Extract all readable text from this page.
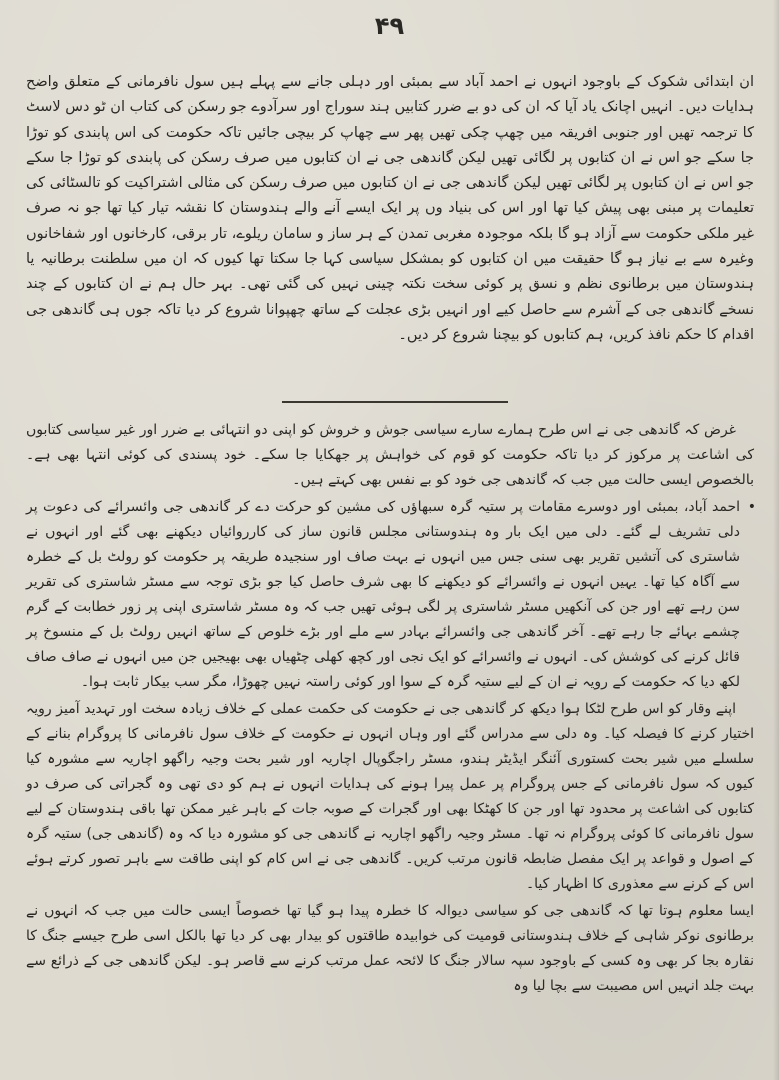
۴۹

ان ابتدائی شکوک کے باوجود انہوں نے احمد آباد سے بمبئی اور دہلی جانے سے پہلے ہیں سول نافرمانی کے متعلق واضح ہدایات دیں۔ انہیں اچانک یاد آیا کہ ان کی دو بے ضرر کتابیں ہند سوراج اور سرآدوے جو رسکن کی کتاب ان ٹو دس لاسٹ کا ترجمہ تھیں اور جنوبی افریقہ میں چھپ چکی تھیں پھر سے چھاپ کر بیچی جائیں تاکہ حکومت کی اس پابندی کو توڑا جا سکے جو اس نے ان کتابوں پر لگائی تھیں لیکن گاندھی جی نے ان کتابوں میں صرف رسکن کی پابندی کو توڑا جا سکے جو اس نے ان کتابوں پر لگائی تھیں لیکن گاندھی جی نے ان کتابوں میں صرف رسکن کی مثالی اشتراکیت کو تالسٹائی کی تعلیمات پر مبنی بھی پیش کیا تھا اور اس کی بنیاد وں پر ایک ایسے آنے والے ہندوستان کا نقشہ تیار کیا تھا جو نہ صرف غیر ملکی حکومت سے آزاد ہو گا بلکہ موجودہ مغربی تمدن کے ہر ساز و سامان ریلوے، تار برقی، کارخانوں اور شفاخانوں وغیرہ سے بے نیاز ہو گا حقیقت میں ان کتابوں کو بمشکل سیاسی کہا جا سکتا تھا کیوں کہ ان میں سلطنت برطانیہ یا ہندوستان میں برطانوی نظم و نسق پر کوئی سخت نکتہ چینی نہیں کی گئی تھی۔ بہر حال ہم نے ان کتابوں کے چند نسخے گاندھی جی کے آشرم سے حاصل کیے اور انہیں بڑی عجلت کے ساتھ چھپوانا شروع کر دیا تاکہ جوں ہی گاندھی جی اقدام کا حکم نافذ کریں، ہم کتابوں کو بیچنا شروع کر دیں۔

غرض کہ گاندھی جی نے اس طرح ہمارے سارے سیاسی جوش و خروش کو اپنی دو انتہائی بے ضرر اور غیر سیاسی کتابوں کی اشاعت پر مرکوز کر دیا تاکہ حکومت کو قوم کی خواہش پر جھکایا جا سکے۔ خود پسندی کی کوئی انتہا بھی ہے۔ بالخصوص ایسی حالت میں جب کہ گاندھی جی خود کو بے نفس بھی کہتے ہیں۔

•
احمد آباد، بمبئی اور دوسرے مقامات پر ستیہ گرہ سبھاؤں کی مشین کو حرکت دے کر گاندھی جی وائسرائے کی دعوت پر دلی تشریف لے گئے۔ دلی میں ایک بار وہ ہندوستانی مجلس قانون ساز کی کارروائیاں دیکھنے بھی گئے اور انہوں نے شاستری کی آتشیں تقریر بھی سنی جس میں انہوں نے بہت صاف اور سنجیدہ طریقہ پر حکومت کو رولٹ بل کے خطرہ سے آگاہ کیا تھا۔ یہیں انہوں نے وائسرائے کو دیکھنے کا بھی شرف حاصل کیا جو بڑی توجہ سے مسٹر شاستری کی تقریر سن رہے تھے اور جن کی آنکھیں مسٹر شاستری پر لگی ہوئی تھیں جب کہ وہ مسٹر شاستری اپنی پر زور خطابت کے گرم چشمے بہائے جا رہے تھے۔ آخر گاندھی جی وائسرائے بہادر سے ملے اور بڑے خلوص کے ساتھ انہیں رولٹ بل کے منسوخ پر قائل کرنے کی کوشش کی۔ انہوں نے وائسرائے کو ایک نجی اور کچھ کھلی چٹھیاں بھی بھیجیں جن میں انہوں نے صاف صاف لکھ دیا کہ حکومت کے رویہ نے ان کے لیے ستیہ گرہ کے سوا اور کوئی راستہ نہیں چھوڑا، مگر سب بیکار ثابت ہوا۔

اپنے وقار کو اس طرح لٹکا ہوا دیکھ کر گاندھی جی نے حکومت کی حکمت عملی کے خلاف زیادہ سخت اور تہدید آمیز رویہ اختیار کرنے کا فیصلہ کیا۔ وہ دلی سے مدراس گئے اور وہاں انہوں نے حکومت کے خلاف سول نافرمانی کا پروگرام بنانے کے سلسلے میں شیر بحت کستوری آئنگر ایڈیٹر ہندو، مسٹر راجگوپال اچاریہ اور شیر بحت وجیہ راگھو اچاریہ سے مشورہ کیا کیوں کہ سول نافرمانی کے جس پروگرام پر عمل پیرا ہونے کی ہدایات انہوں نے ہم کو دی تھی وہ گجراتی کی صرف دو کتابوں کی اشاعت پر محدود تھا اور جن کا کھٹکا بھی اور گجرات کے صوبہ جات کے باہر غیر ممکن تھا باقی ہندوستان کے لیے سول نافرمانی کا کوئی پروگرام نہ تھا۔ مسٹر وجیہ راگھو اچاریہ نے گاندھی جی کو مشورہ دیا کہ وہ (گاندھی جی) ستیہ گرہ کے اصول و قواعد پر ایک مفصل ضابطہ قانون مرتب کریں۔ گاندھی جی نے اس کام کو اپنی طاقت سے باہر تصور کرتے ہوئے اس کے کرنے سے معذوری کا اظہار کیا۔

ایسا معلوم ہوتا تھا کہ گاندھی جی کو سیاسی دیوالہ کا خطرہ پیدا ہو گیا تھا خصوصاً ایسی حالت میں جب کہ انہوں نے برطانوی نوکر شاہی کے خلاف ہندوستانی قومیت کی خوابیدہ طاقتوں کو بیدار بھی کر دیا تھا بالکل اسی طرح جیسے جنگ کا نقارہ بجا کر بھی وہ کسی کے باوجود سپہ سالار جنگ کا لائحہ عمل مرتب کرنے سے قاصر ہو۔ لیکن گاندھی جی کے ذرائع سے بہت جلد انہیں اس مصیبت سے بچا لیا وہ
